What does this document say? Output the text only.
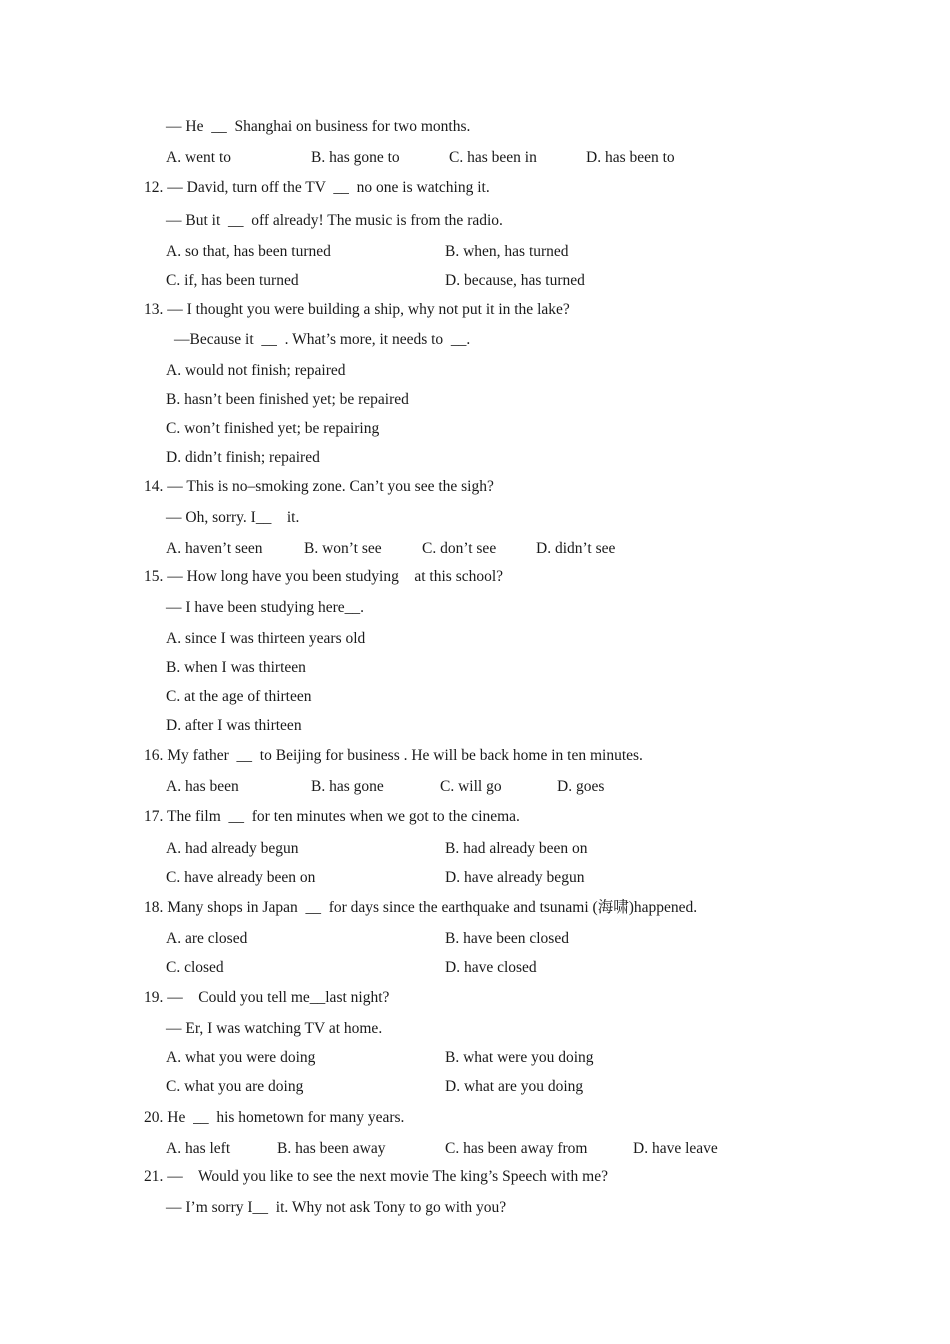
— He  __  Shanghai on business for two months.
A. went to	B. has gone to	C. has been in	D. has been to
12. — David, turn off the TV  __  no one is watching it.
— But it  __  off already! The music is from the radio.
A. so that, has been turned	B. when, has turned
C. if, has been turned	D. because, has turned
13. — I thought you were building a ship, why not put it in the lake?
—Because it  __  . What’s more, it needs to  __.
A. would not finish; repaired
B. hasn’t been finished yet; be repaired
C. won’t finished yet; be repairing
D. didn’t finish; repaired
14. — This is no–smoking zone. Can’t you see the sigh?
— Oh, sorry. I__    it.
A. haven’t seen	B. won’t see	C. don’t see	D. didn’t see
15. — How long have you been studying    at this school?
— I have been studying here__.
A. since I was thirteen years old
B. when I was thirteen
C. at the age of thirteen
D. after I was thirteen
16. My father  __  to Beijing for business . He will be back home in ten minutes.
A. has been	B. has gone	C. will go	D. goes
17. The film  __  for ten minutes when we got to the cinema.
A. had already begun	B. had already been on
C. have already been on	D. have already begun
18. Many shops in Japan  __  for days since the earthquake and tsunami (海啸)happened.
A. are closed	B. have been closed
C. closed	D. have closed
19. —    Could you tell me__last night?
— Er, I was watching TV at home.
A. what you were doing	B. what were you doing
C. what you are doing	D. what are you doing
20. He  __  his hometown for many years.
A. has left	B. has been away	C. has been away from	D. have leave
21. —    Would you like to see the next movie The king’s Speech with me?
— I’m sorry I__  it. Why not ask Tony to go with you?
